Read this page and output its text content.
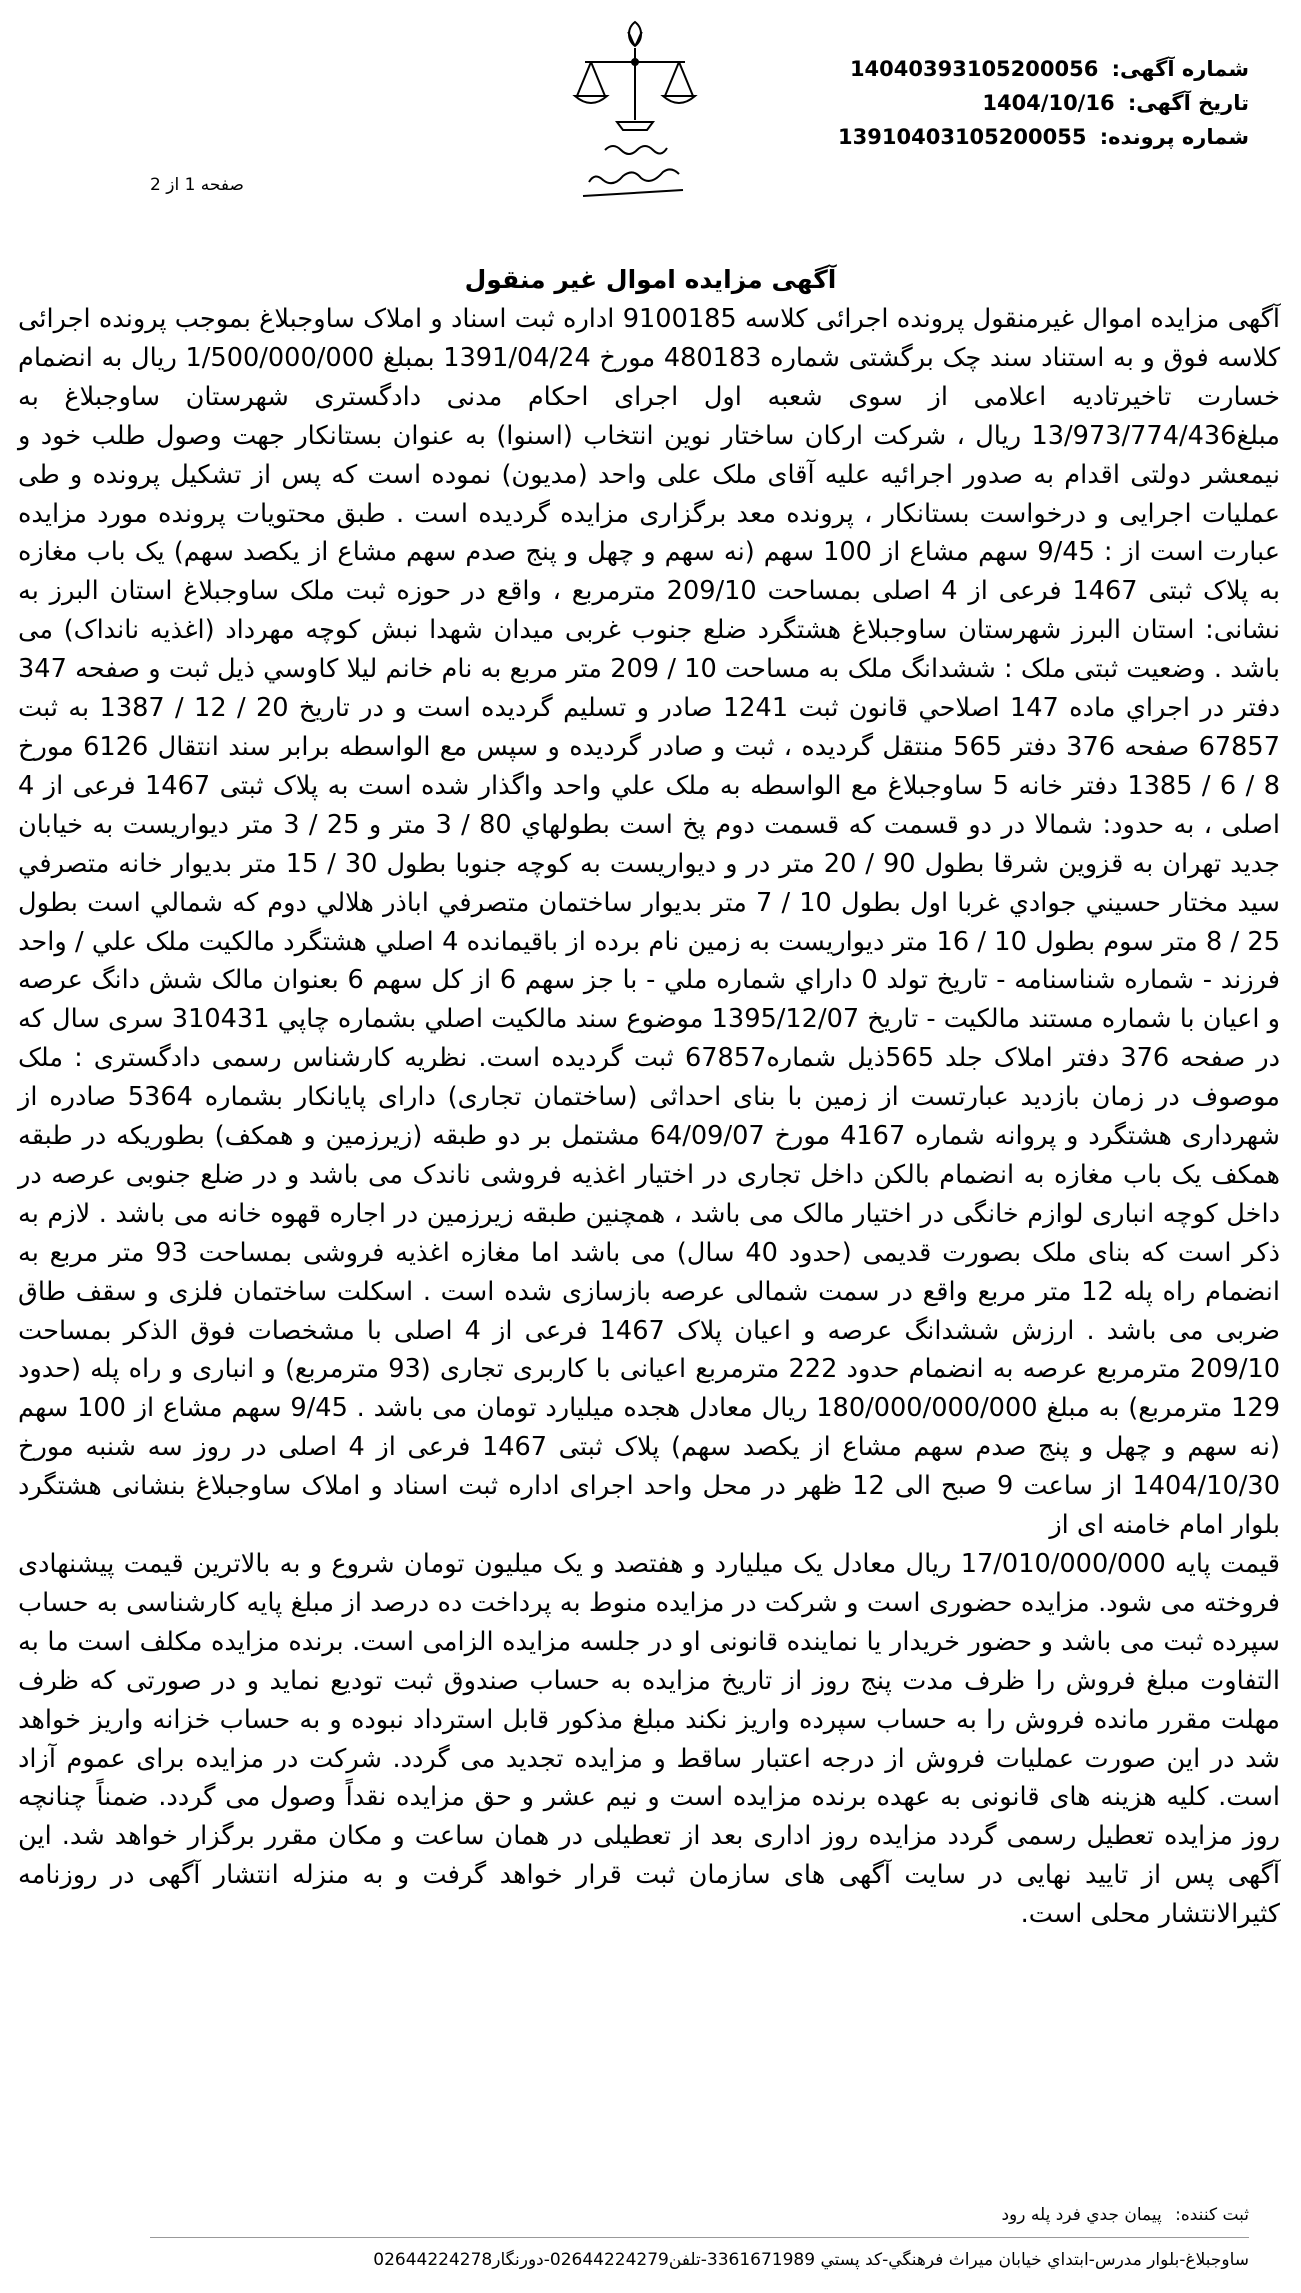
شماره آگهی: 14040393105200056
تاریخ آگهی: 1404/10/16
شماره پرونده: 13910403105200055
صفحه 1 از 2
آگهی مزایده اموال غیر منقول

آگهی مزایده اموال غیرمنقول پرونده اجرائی کلاسه 9100185 اداره ثبت اسناد و املاک ساوجبلاغ بموجب پرونده اجرائی کلاسه فوق و به استناد سند چک برگشتی شماره 480183 مورخ 1391/04/24 بمبلغ 1/500/000/000 ریال به انضمام خسارت تاخیرتادیه اعلامی از سوی شعبه اول اجرای احکام مدنی دادگستری شهرستان ساوجبلاغ به مبلغ13/973/774/436 ریال ، شرکت ارکان ساختار نوین انتخاب (اسنوا) به عنوان بستانکار جهت وصول طلب خود و نیمعشر دولتی اقدام به صدور اجرائیه علیه آقای ملک علی واحد (مدیون) نموده است که پس از تشکیل پرونده و طی عملیات اجرایی و درخواست بستانکار ، پرونده معد برگزاری مزایده گردیده است . طبق محتویات پرونده مورد مزایده عبارت است از : 9/45 سهم مشاع از 100 سهم (نه سهم و چهل و پنج صدم سهم مشاع از یکصد سهم) یک باب مغازه به پلاک ثبتی 1467 فرعی از 4 اصلی بمساحت 209/10 مترمربع ، واقع در حوزه ثبت ملک ساوجبلاغ استان البرز به نشانی: استان البرز شهرستان ساوجبلاغ هشتگرد ضلع جنوب غربی میدان شهدا نبش کوچه مهرداد (اغذیه نانداک) می باشد . وضعیت ثبتی ملک : ششدانگ ملک به مساحت 10 / 209 متر مربع به نام خانم لیلا کاوسي ذیل ثبت و صفحه 347 دفتر در اجراي ماده 147 اصلاحي قانون ثبت 1241 صادر و تسلیم گردیده است و در تاریخ 20 / 12 / 1387 به ثبت 67857 صفحه 376 دفتر 565 منتقل گردیده ، ثبت و صادر گردیده و سپس مع الواسطه برابر سند انتقال 6126 مورخ 8 / 6 / 1385 دفتر خانه 5 ساوجبلاغ مع الواسطه به ملک علي واحد واگذار شده است به پلاک ثبتی 1467 فرعی از 4 اصلی ، به حدود: شمالا در دو قسمت که قسمت دوم پخ است بطولهاي 80 / 3 متر و 25 / 3 متر دیواریست به خیابان جدید تهران به قزوین شرقا بطول 90 / 20 متر در و دیواریست به کوچه جنوبا بطول 30 / 15 متر بدیوار خانه متصرفي سید مختار حسیني جوادي غربا اول بطول 10 / 7 متر بدیوار ساختمان متصرفي اباذر هلالي دوم که شمالي است بطول 25 / 8 متر سوم بطول 10 / 16 متر دیواریست به زمین نام برده از باقیمانده 4 اصلي هشتگرد مالکیت ملک علي / واحد فرزند - شماره شناسنامه - تاریخ تولد 0 داراي شماره ملي - با جز سهم 6 از کل سهم 6 بعنوان مالک شش دانگ عرصه و اعیان با شماره مستند مالکیت - تاریخ 1395/12/07 موضوع سند مالکیت اصلي بشماره چاپي 310431 سری سال که در صفحه 376 دفتر املاک جلد 565ذیل شماره67857 ثبت گردیده است. نظریه کارشناس رسمی دادگستری : ملک موصوف در زمان بازدید عبارتست از زمین با بنای احداثی (ساختمان تجاری) دارای پایانکار بشماره 5364 صادره از شهرداری هشتگرد و پروانه شماره 4167 مورخ 64/09/07 مشتمل بر دو طبقه (زیرزمین و همکف) بطوریکه در طبقه همکف یک باب مغازه به انضمام بالکن داخل تجاری در اختیار اغذیه فروشی ناندک می باشد و در ضلع جنوبی عرصه در داخل کوچه انباری لوازم خانگی در اختیار مالک می باشد ، همچنین طبقه زیرزمین در اجاره قهوه خانه می باشد . لازم به ذکر است که بنای ملک بصورت قدیمی (حدود 40 سال) می باشد اما مغازه اغذیه فروشی بمساحت 93 متر مربع به انضمام راه پله 12 متر مربع واقع در سمت شمالی عرصه بازسازی شده است . اسکلت ساختمان فلزی و سقف طاق ضربی می باشد . ارزش ششدانگ عرصه و اعیان پلاک 1467 فرعی از 4 اصلی با مشخصات فوق الذکر بمساحت 209/10 مترمربع عرصه به انضمام حدود 222 مترمربع اعیانی با کاربری تجاری (93 مترمربع) و انباری و راه پله (حدود 129 مترمربع) به مبلغ 180/000/000/000 ریال معادل هجده میلیارد تومان می باشد . 9/45 سهم مشاع از 100 سهم (نه سهم و چهل و پنج صدم سهم مشاع از یکصد سهم) پلاک ثبتی 1467 فرعی از 4 اصلی در روز سه شنبه مورخ 1404/10/30 از ساعت 9 صبح الی 12 ظهر در محل واحد اجرای اداره ثبت اسناد و املاک ساوجبلاغ بنشانی هشتگرد بلوار امام خامنه ای از

قیمت پایه 17/010/000/000 ریال معادل یک میلیارد و هفتصد و یک میلیون تومان شروع و به بالاترین قیمت پیشنهادی فروخته می شود. مزایده حضوری است و شرکت در مزایده منوط به پرداخت ده درصد از مبلغ پایه کارشناسی به حساب سپرده ثبت می باشد و حضور خریدار یا نماینده قانونی او در جلسه مزایده الزامی است. برنده مزایده مکلف است ما به التفاوت مبلغ فروش را ظرف مدت پنج روز از تاریخ مزایده به حساب صندوق ثبت تودیع نماید و در صورتی که ظرف مهلت مقرر مانده فروش را به حساب سپرده واریز نکند مبلغ مذکور قابل استرداد نبوده و به حساب خزانه واریز خواهد شد در این صورت عملیات فروش از درجه اعتبار ساقط و مزایده تجدید می گردد. شرکت در مزایده برای عموم آزاد است. کلیه هزینه های قانونی به عهده برنده مزایده است و نیم عشر و حق مزایده نقداً وصول می گردد. ضمناً چنانچه روز مزایده تعطیل رسمی گردد مزایده روز اداری بعد از تعطیلی در همان ساعت و مکان مقرر برگزار خواهد شد. این آگهی پس از تایید نهایی در سایت آگهی های سازمان ثبت قرار خواهد گرفت و به منزله انتشار آگهی در روزنامه کثیرالانتشار محلی است.

ثبت کننده: پیمان جدي فرد پله رود
ساوجبلاغ-بلوار مدرس-ابتداي خیابان میراث فرهنگي-کد پستي 3361671989-تلفن02644224279-دورنگار02644224278
